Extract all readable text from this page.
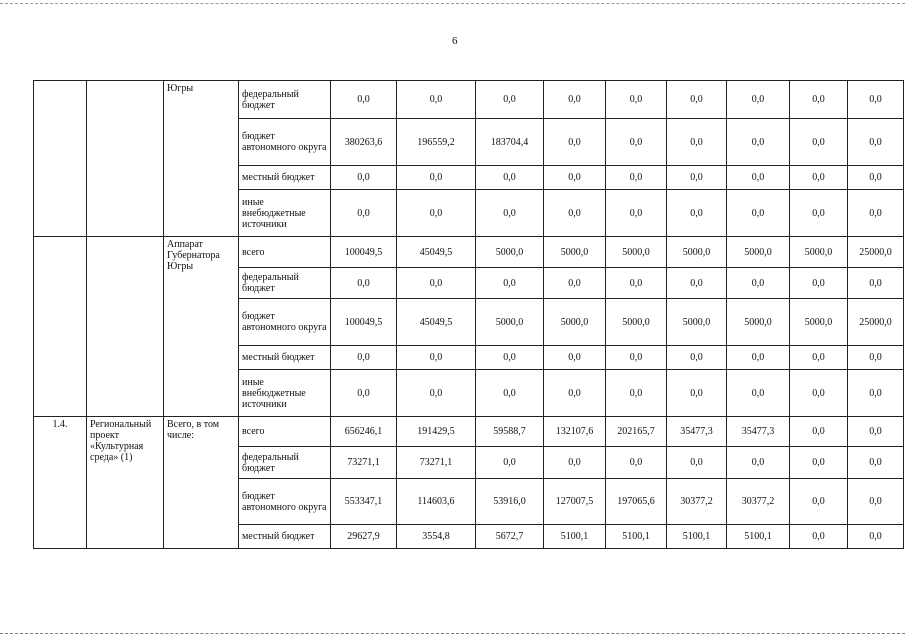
6
		Югры	федеральный бюджет	0,0	0,0	0,0	0,0	0,0	0,0	0,0	0,0	0,0
			бюджет автономного округа	380263,6	196559,2	183704,4	0,0	0,0	0,0	0,0	0,0	0,0
			местный бюджет	0,0	0,0	0,0	0,0	0,0	0,0	0,0	0,0	0,0
			иные внебюджетные источники	0,0	0,0	0,0	0,0	0,0	0,0	0,0	0,0	0,0
		Аппарат Губернатора Югры	всего	100049,5	45049,5	5000,0	5000,0	5000,0	5000,0	5000,0	5000,0	25000,0
			федеральный бюджет	0,0	0,0	0,0	0,0	0,0	0,0	0,0	0,0	0,0
			бюджет автономного округа	100049,5	45049,5	5000,0	5000,0	5000,0	5000,0	5000,0	5000,0	25000,0
			местный бюджет	0,0	0,0	0,0	0,0	0,0	0,0	0,0	0,0	0,0
			иные внебюджетные источники	0,0	0,0	0,0	0,0	0,0	0,0	0,0	0,0	0,0
1.4.	Региональный проект «Культурная среда» (1)	Всего, в том числе:	всего	656246,1	191429,5	59588,7	132107,6	202165,7	35477,3	35477,3	0,0	0,0
			федеральный бюджет	73271,1	73271,1	0,0	0,0	0,0	0,0	0,0	0,0	0,0
			бюджет автономного округа	553347,1	114603,6	53916,0	127007,5	197065,6	30377,2	30377,2	0,0	0,0
			местный бюджет	29627,9	3554,8	5672,7	5100,1	5100,1	5100,1	5100,1	0,0	0,0
